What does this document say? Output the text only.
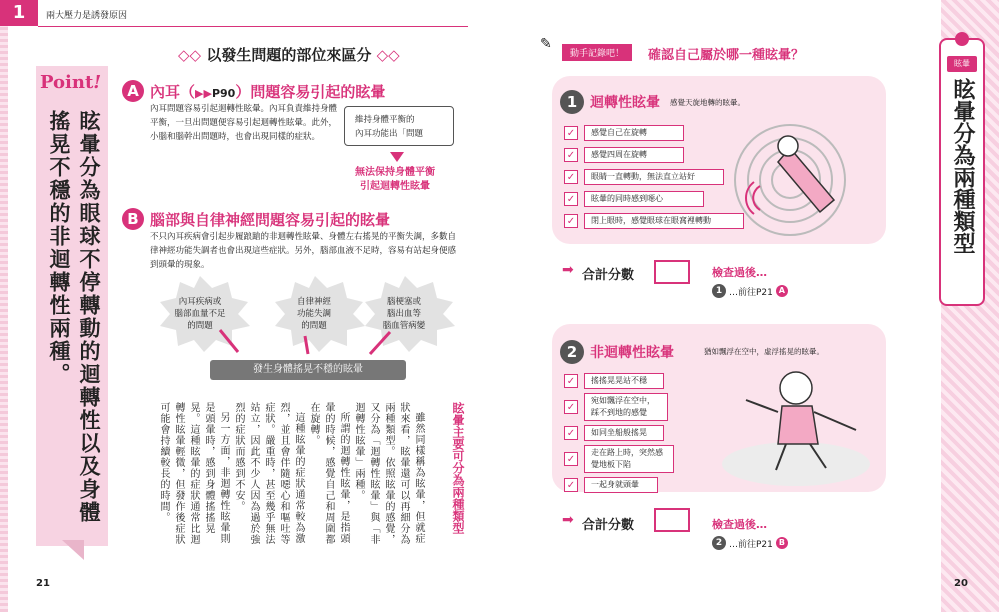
1	兩大壓力是誘發原因
Point!
眩暈分為眼球不停轉動的迴轉性以及身體搖晃不穩的非迴轉性兩種。
◇◇ 以發生問題的部位來區分 ◇◇
A 內耳（▶▶P90）問題容易引起的眩暈
內耳問題容易引起迴轉性眩暈。內耳負責維持身體平衡，一旦出問題便容易引起迴轉性眩暈。此外，小腦和腦幹出問題時，也會出現同樣的症狀。
維持身體平衡的
內耳功能出「問題
無法保持身體平衡
引起迴轉性眩暈
B 腦部與自律神經問題容易引起的眩暈
不只內耳疾病會引起步履踉蹌的非迴轉性眩暈、身體左右搖晃的平衡失調，多數自律神經功能失調者也會出現這些症狀。另外，腦部血液不足時，容易有站起身便感到頭暈的現象。
內耳疾病或
腦部血量不足
的問題
自律神經
功能失調
的問題
腦梗塞或
腦出血等
腦血管病變
發生身體搖晃不穩的眩暈
眩暈主要可分為兩種類型

雖然同樣稱為眩暈，但就症狀來看，眩暈還可以再細分為兩種類型。依照眩暈的感覺，又分為「迴轉性眩暈」與「非迴轉性眩暈」兩種。

所謂的迴轉性眩暈，是指頭暈的時候，感覺自己和周圍都在旋轉。

這種眩暈的症狀通常較為激烈，並且會伴隨噁心和嘔吐等症狀。嚴重時，甚至幾乎無法站立，因此不少人因為過於強烈的症狀而感到不安。

另一方面，非迴轉性眩暈則是頭暈時，感到身體搖搖晃晃。這種眩暈的症狀通常比迴轉性眩暈輕微，但發作後症狀可能會持續較長的時間。

21
✎
動手記錄吧！	確認自己屬於哪一種眩暈？
1 迴轉性眩暈 感覺天旋地轉的眩暈。
✓	感覺自己在旋轉
✓	感覺四周在旋轉
✓	眼睛一直轉動，無法直立站好
✓	眩暈的同時感到噁心
✓	閉上眼時，感覺眼球在眼窩裡轉動
➡ 合計分數	檢查過後…
1 …前往P21 A
2 非迴轉性眩暈	猶如飄浮在空中，虛浮搖晃的眩暈。
✓	搖搖晃晃站不穩
✓
宛如飄浮在空中，踩不到地的感覺
✓	如同坐船般搖晃
✓
走在路上時，突然感覺地板下陷
✓	一起身就頭暈
➡ 合計分數	檢查過後…
2 …前往P21 B
眩暈
眩暈分為兩種類型
20
